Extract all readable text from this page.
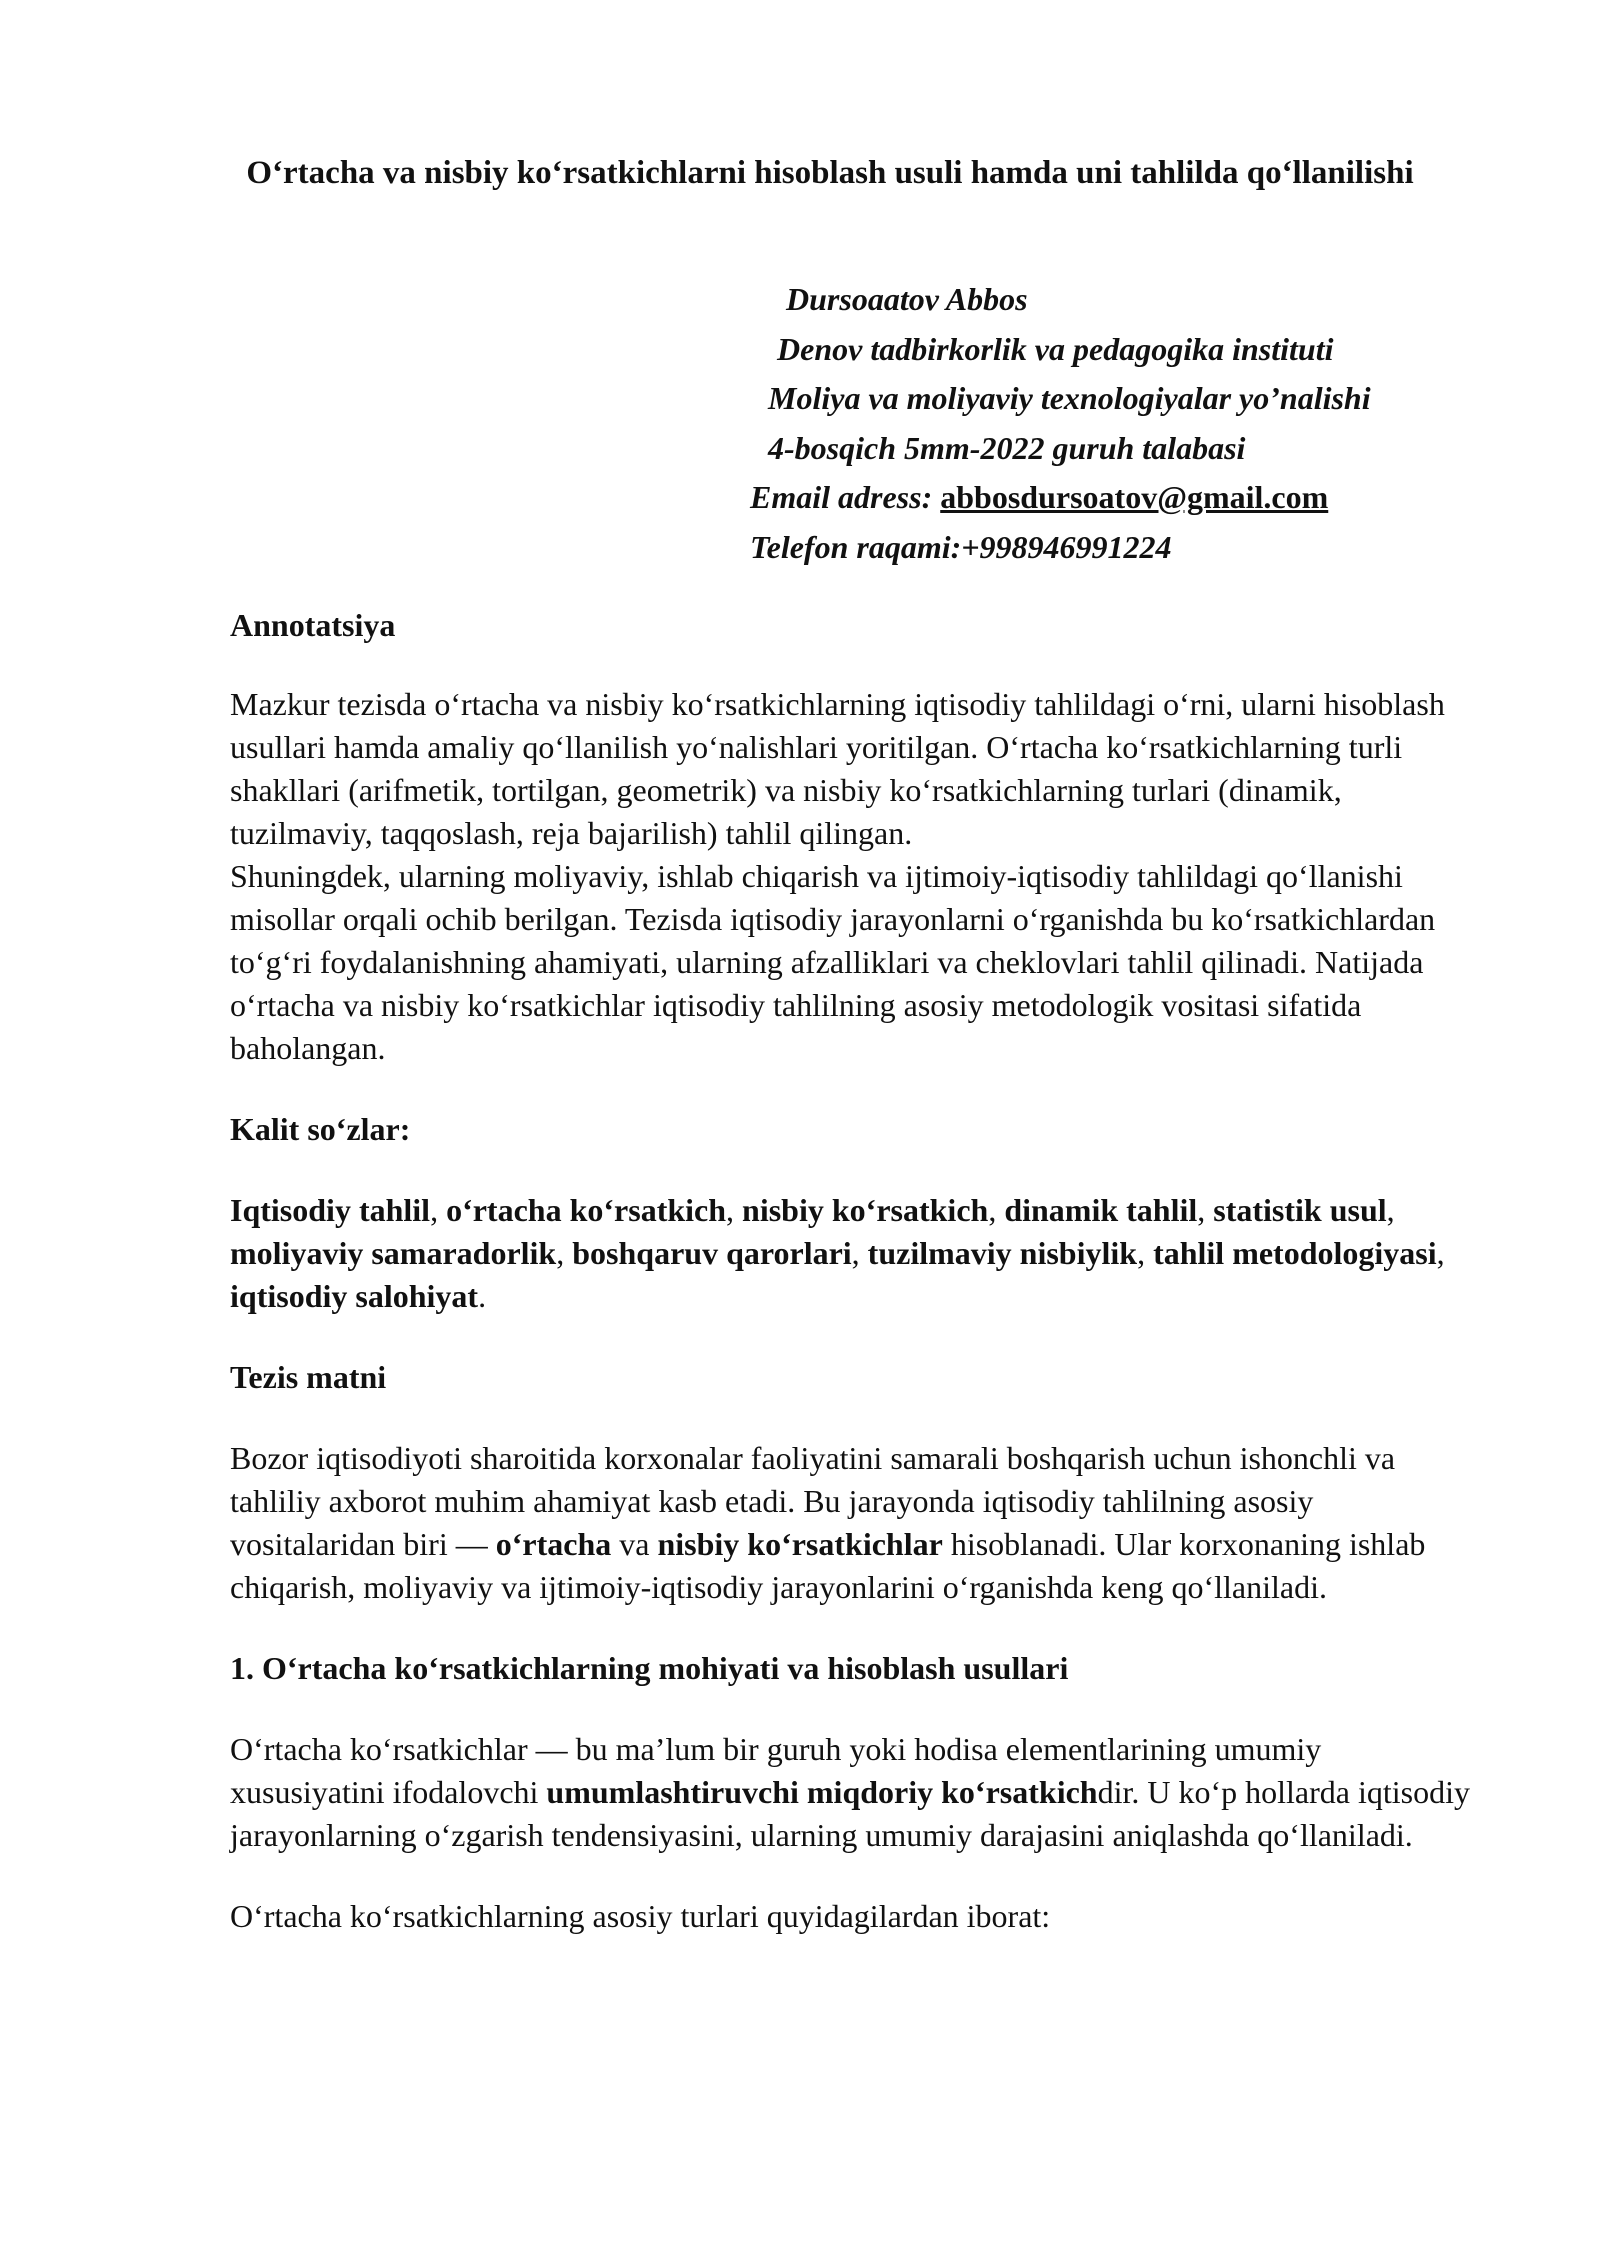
O‘rtacha va nisbiy ko‘rsatkichlarni hisoblash usuli hamda uni tahlilda qo‘llanilishi
Dursoaatov Abbos
Denov tadbirkorlik va pedagogika instituti
Moliya va moliyaviy texnologiyalar yo’nalishi
4-bosqich 5mm-2022 guruh talabasi
Email adress: abbosdursoatov@gmail.com
Telefon raqami:+998946991224

Annotatsiya

Mazkur tezisda o‘rtacha va nisbiy ko‘rsatkichlarning iqtisodiy tahlildagi o‘rni, ularni hisoblash usullari hamda amaliy qo‘llanilish yo‘nalishlari yoritilgan. O‘rtacha ko‘rsatkichlarning turli shakllari (arifmetik, tortilgan, geometrik) va nisbiy ko‘rsatkichlarning turlari (dinamik, tuzilmaviy, taqqoslash, reja bajarilish) tahlil qilingan.

Shuningdek, ularning moliyaviy, ishlab chiqarish va ijtimoiy-iqtisodiy tahlildagi qo‘llanishi misollar orqali ochib berilgan. Tezisda iqtisodiy jarayonlarni o‘rganishda bu ko‘rsatkichlardan to‘g‘ri foydalanishning ahamiyati, ularning afzalliklari va cheklovlari tahlil qilinadi. Natijada o‘rtacha va nisbiy ko‘rsatkichlar iqtisodiy tahlilning asosiy metodologik vositasi sifatida baholangan.

Kalit so‘zlar:

Iqtisodiy tahlil, o‘rtacha ko‘rsatkich, nisbiy ko‘rsatkich, dinamik tahlil, statistik usul, moliyaviy samaradorlik, boshqaruv qarorlari, tuzilmaviy nisbiylik, tahlil metodologiyasi, iqtisodiy salohiyat.

Tezis matni

Bozor iqtisodiyoti sharoitida korxonalar faoliyatini samarali boshqarish uchun ishonchli va tahliliy axborot muhim ahamiyat kasb etadi. Bu jarayonda iqtisodiy tahlilning asosiy vositalaridan biri — o‘rtacha va nisbiy ko‘rsatkichlar hisoblanadi. Ular korxonaning ishlab chiqarish, moliyaviy va ijtimoiy-iqtisodiy jarayonlarini o‘rganishda keng qo‘llaniladi.

1. O‘rtacha ko‘rsatkichlarning mohiyati va hisoblash usullari

O‘rtacha ko‘rsatkichlar — bu ma’lum bir guruh yoki hodisa elementlarining umumiy xususiyatini ifodalovchi umumlashtiruvchi miqdoriy ko‘rsatkichdir. U ko‘p hollarda iqtisodiy jarayonlarning o‘zgarish tendensiyasini, ularning umumiy darajasini aniqlashda qo‘llaniladi.

O‘rtacha ko‘rsatkichlarning asosiy turlari quyidagilardan iborat:
